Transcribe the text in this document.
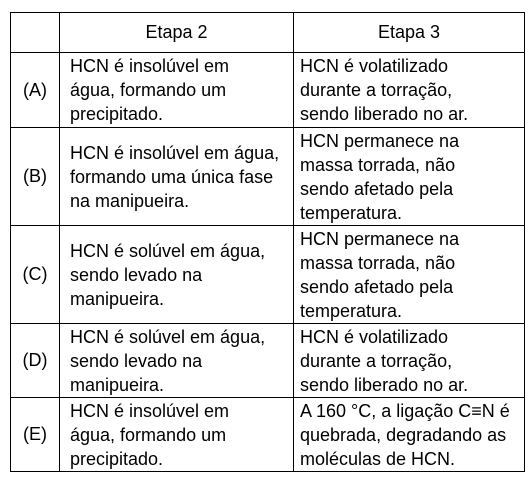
	Etapa 2	Etapa 3
(A)	HCN é insolúvel em
água, formando um
precipitado.	HCN é volatilizado
durante a torração,
sendo liberado no ar.
(B)	HCN é insolúvel em água,
formando uma única fase
na manipueira.	HCN permanece na
massa torrada, não
sendo afetado pela
temperatura.
(C)	HCN é solúvel em água,
sendo levado na
manipueira.	HCN permanece na
massa torrada, não
sendo afetado pela
temperatura.
(D)	HCN é solúvel em água,
sendo levado na
manipueira.	HCN é volatilizado
durante a torração,
sendo liberado no ar.
(E)	HCN é insolúvel em
água, formando um
precipitado.	A 160 °C, a ligação C≡N é
quebrada, degradando as
moléculas de HCN.
